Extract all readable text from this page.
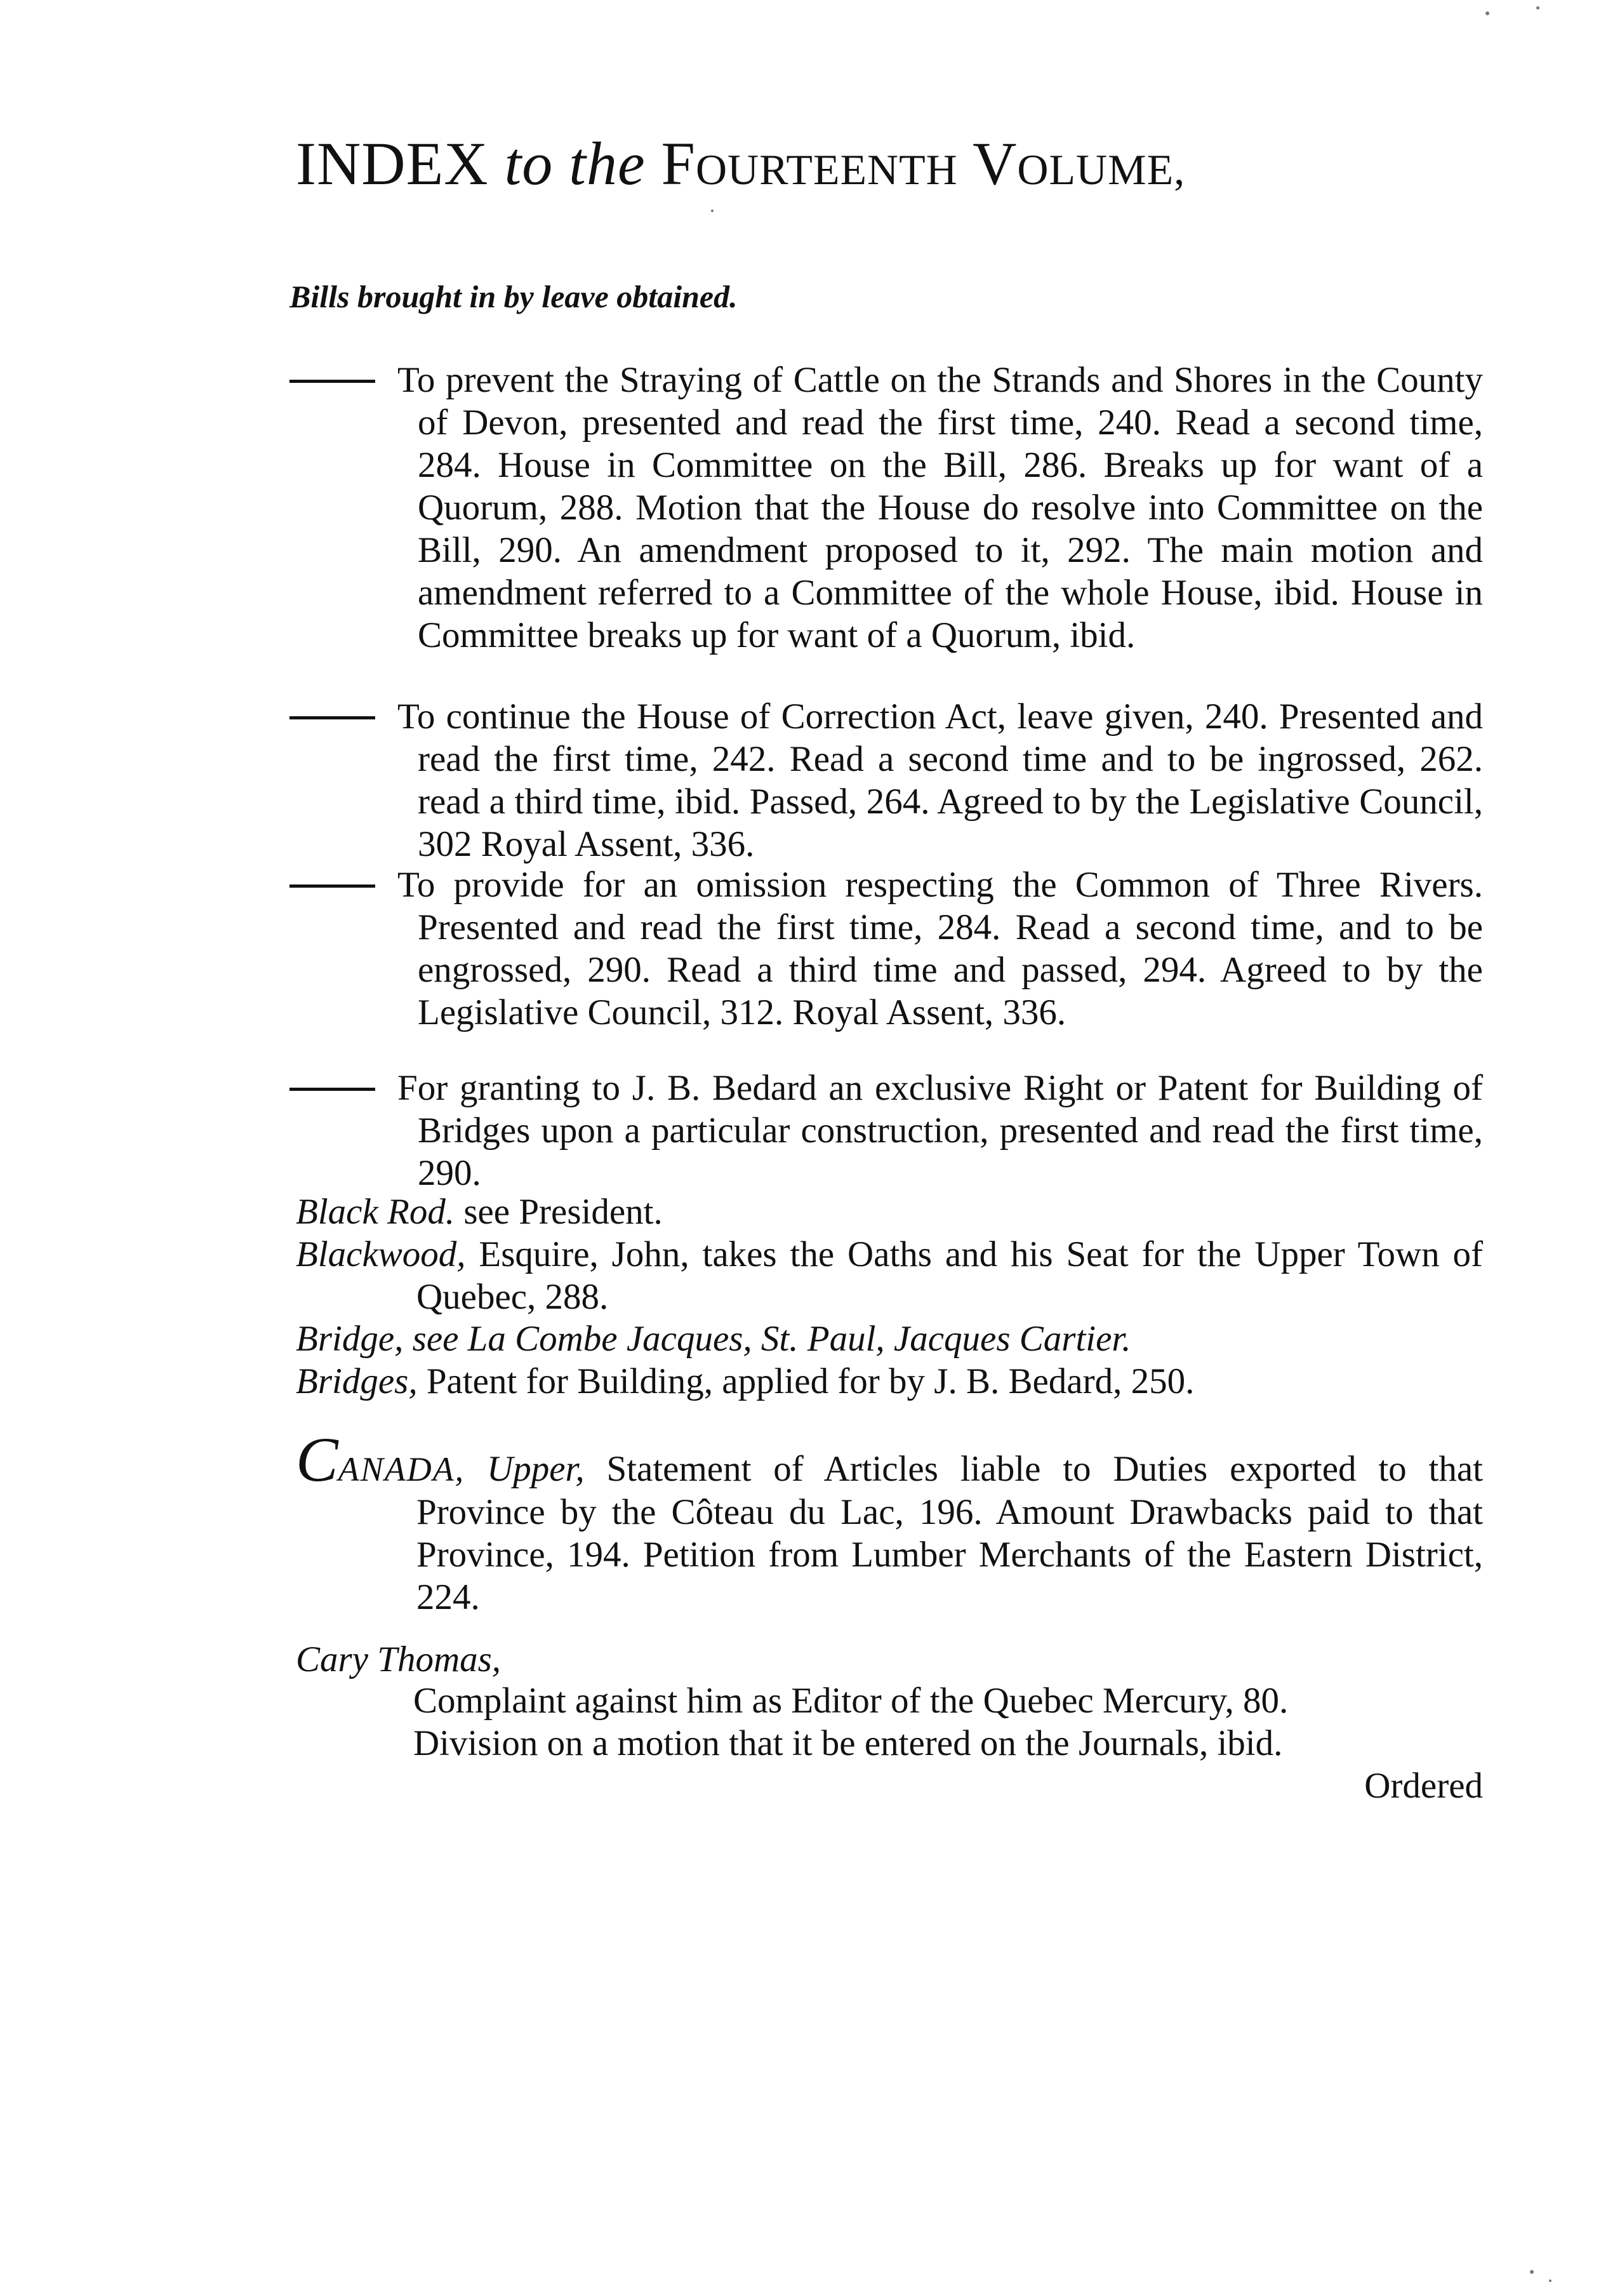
INDEX to the FOURTEENTH VOLUME,
Bills brought in by leave obtained.
To prevent the Straying of Cattle on the Strands and Shores in the County of Devon, presented and read the first time, 240. Read a second time, 284. House in Committee on the Bill, 286. Breaks up for want of a Quorum, 288. Motion that the House do resolve into Committee on the Bill, 290. An amendment proposed to it, 292. The main motion and amendment referred to a Committee of the whole House, ibid. House in Committee breaks up for want of a Quorum, ibid.
To continue the House of Correction Act, leave given, 240. Presented and read the first time, 242. Read a second time and to be ingrossed, 262. read a third time, ibid. Passed, 264. Agreed to by the Legislative Council, 302 Royal Assent, 336.
To provide for an omission respecting the Common of Three Rivers. Presented and read the first time, 284. Read a second time, and to be engrossed, 290. Read a third time and passed, 294. Agreed to by the Legislative Council, 312. Royal Assent, 336.
For granting to J. B. Bedard an exclusive Right or Patent for Building of Bridges upon a particular construction, presented and read the first time, 290.
Black Rod. see President.
Blackwood, Esquire, John, takes the Oaths and his Seat for the Upper Town of Quebec, 288.
Bridge, see La Combe Jacques, St. Paul, Jacques Cartier.
Bridges, Patent for Building, applied for by J. B. Bedard, 250.
CANADA, Upper, Statement of Articles liable to Duties exported to that Province by the Côteau du Lac, 196. Amount Drawbacks paid to that Province, 194. Petition from Lumber Merchants of the Eastern District, 224.
Cary Thomas,
Complaint against him as Editor of the Quebec Mercury, 80.
Division on a motion that it be entered on the Journals, ibid.
Ordered
